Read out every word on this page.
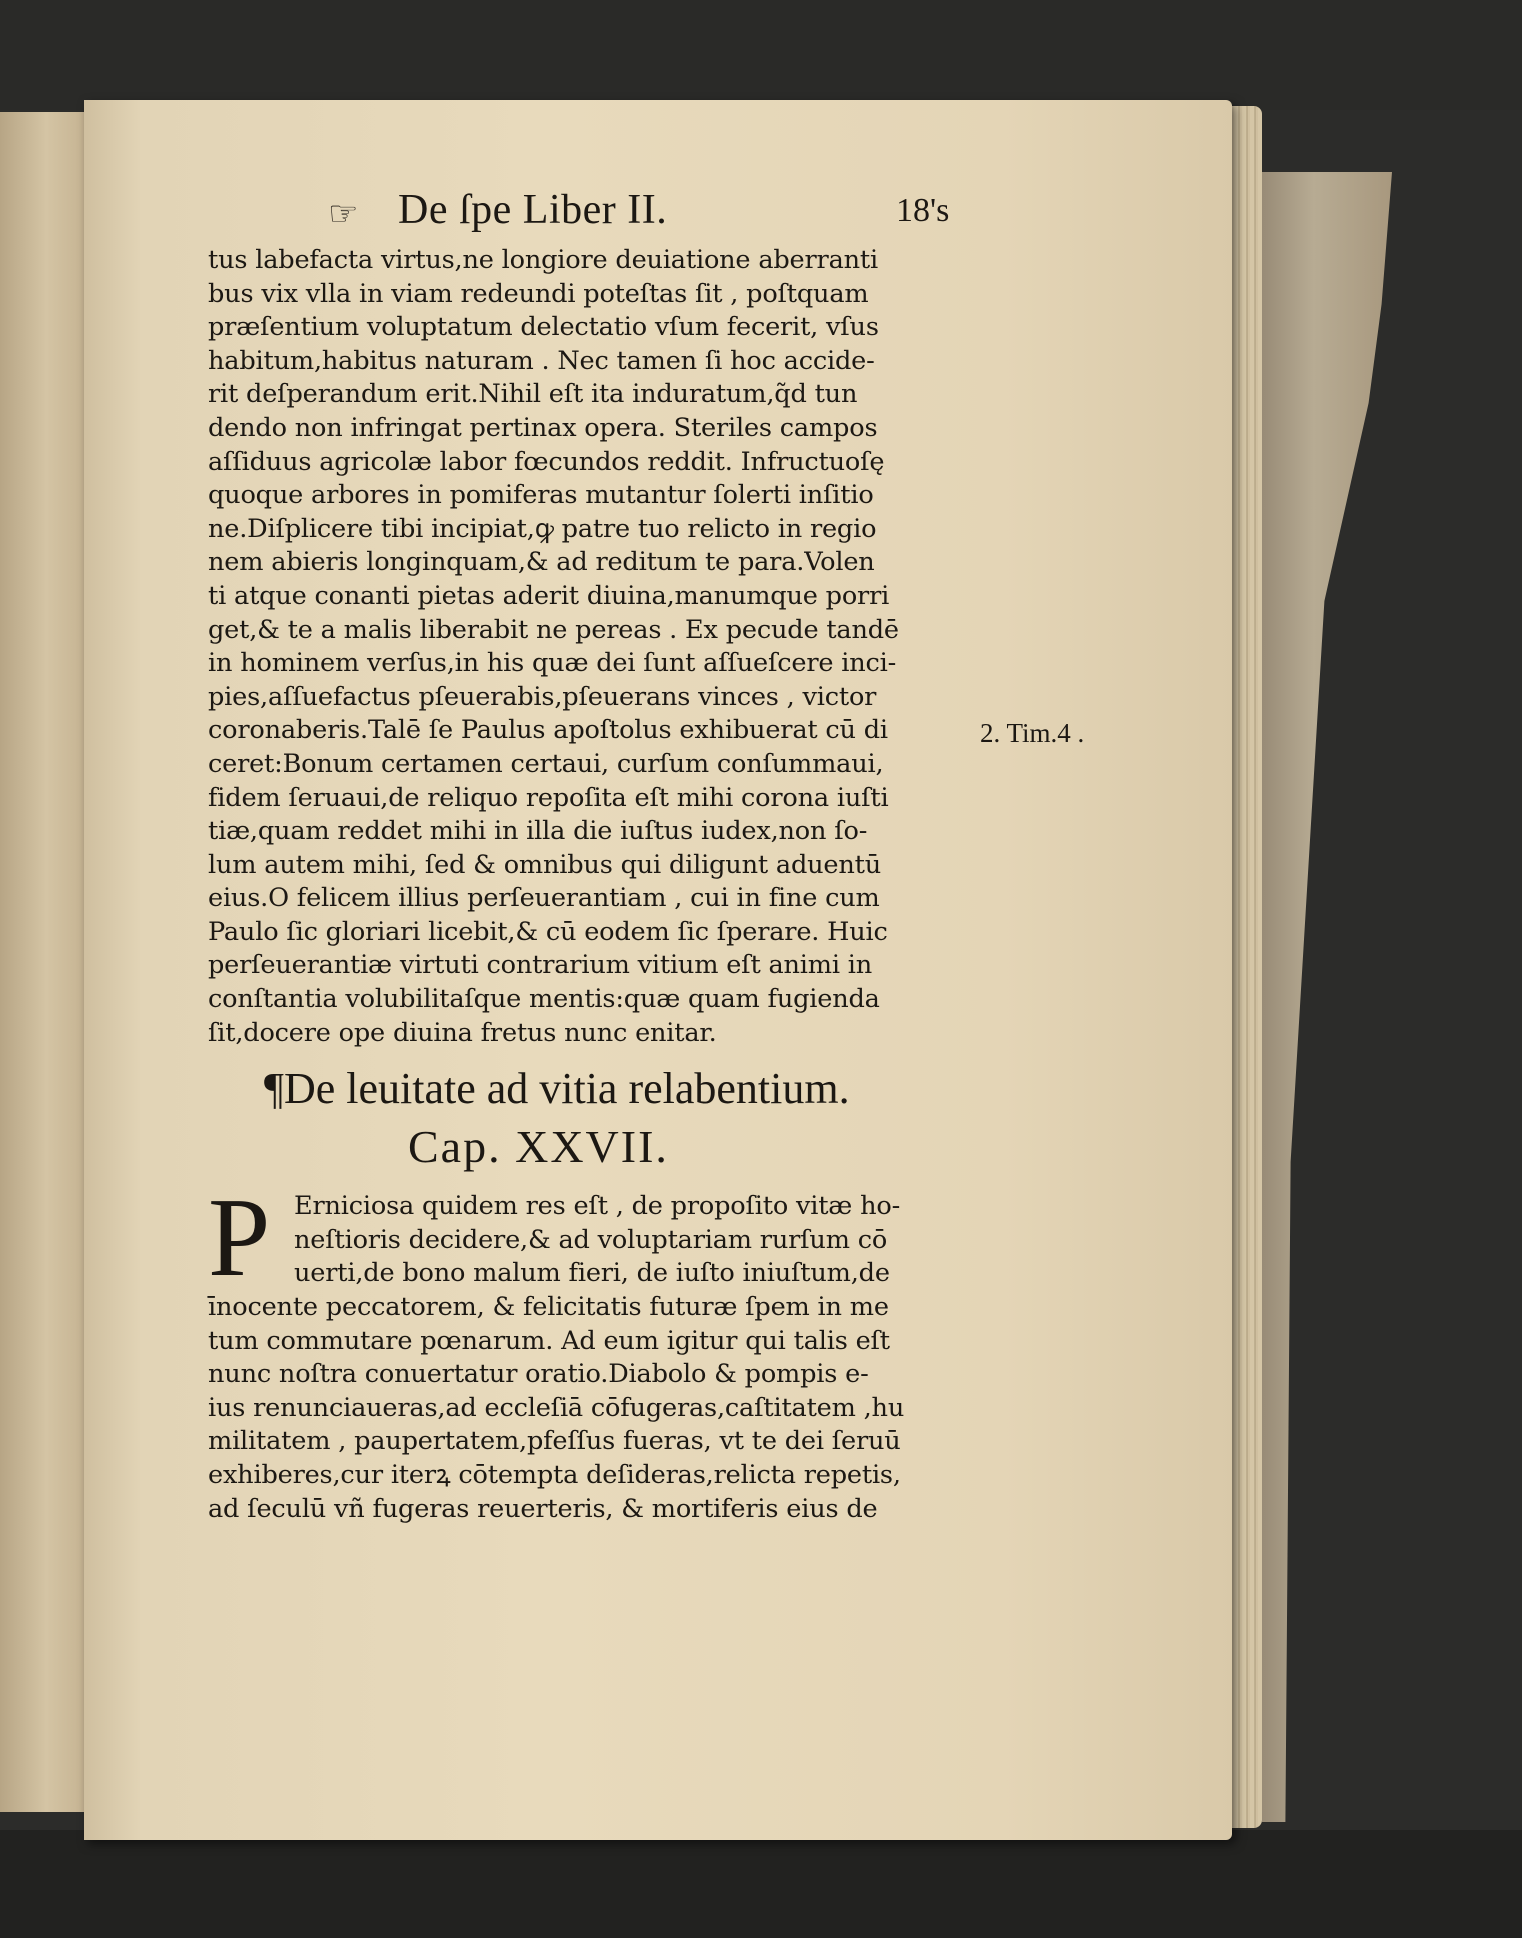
☞ De ſpe Liber II.	18's
tus labefacta virtus,ne longiore deuiatione aberranti
bus vix vlla in viam redeundi poteſtas ſit , poſtquam
præſentium voluptatum delectatio vſum fecerit, vſus
habitum,habitus naturam . Nec tamen ſi hoc accide-
rit deſperandum erit.Nihil eſt ita induratum,q̃d tun
dendo non infringat pertinax opera. Steriles campos
aſſiduus agricolæ labor fœcundos reddit. Infructuoſę
quoque arbores in pomiferas mutantur ſolerti inſitio
ne.Diſplicere tibi incipiat,ꝙ patre tuo relicto in regio
nem abieris longinquam,& ad reditum te para.Volen
ti atque conanti pietas aderit diuina,manumque porri
get,& te a malis liberabit ne pereas . Ex pecude tandē
in hominem verſus,in his quæ dei ſunt aſſueſcere inci-
pies,aſſuefactus pſeuerabis,pſeuerans vinces , victor
coronaberis.Talē ſe Paulus apoſtolus exhibuerat cū di
ceret:Bonum certamen certaui, curſum conſummaui,
fidem ſeruaui,de reliquo repoſita eſt mihi corona iuſti
tiæ,quam reddet mihi in illa die iuſtus iudex,non ſo-
lum autem mihi, ſed & omnibus qui diligunt aduentū
eius.O felicem illius perſeuerantiam , cui in fine cum
Paulo ſic gloriari licebit,& cū eodem ſic ſperare. Huic
perſeuerantiæ virtuti contrarium vitium eſt animi in
conſtantia volubilitaſque mentis:quæ quam fugienda
ſit,docere ope diuina fretus nunc enitar.
¶De leuitate ad vitia relabentium.
Cap. XXVII.
P Erniciosa quidem res eſt , de propoſito vitæ ho-
neſtioris decidere,& ad voluptariam rurſum cō
uerti,de bono malum fieri, de iuſto iniuſtum,de
īnocente peccatorem, & felicitatis futuræ ſpem in me
tum commutare pœnarum. Ad eum igitur qui talis eſt
nunc noſtra conuertatur oratio.Diabolo & pompis e-
ius renunciaueras,ad eccleſiā cōfugeras,caſtitatem ,hu
militatem , paupertatem,pfeſſus fueras, vt te dei ſeruū
exhiberes,cur iterꝝ cōtempta deſideras,relicta repetis,
ad ſeculū vñ fugeras reuerteris, & mortiferis eius de
2. Tim.4 .
